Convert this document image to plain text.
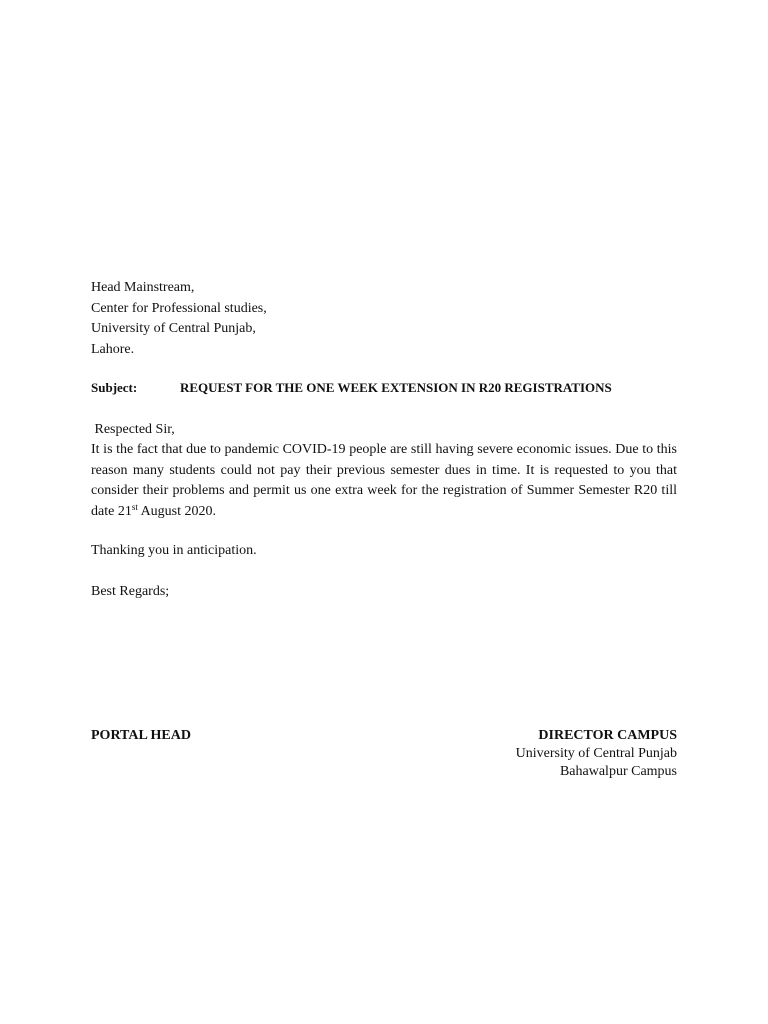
Head Mainstream,
Center for Professional studies,
University of Central Punjab,
Lahore.
Subject:	REQUEST FOR THE ONE WEEK EXTENSION IN R20 REGISTRATIONS
Respected Sir,
It is the fact that due to pandemic COVID-19 people are still having severe economic issues. Due to this reason many students could not pay their previous semester dues in time. It is requested to you that consider their problems and permit us one extra week for the registration of Summer Semester R20 till date 21st August 2020.
Thanking you in anticipation.
Best Regards;
PORTAL HEAD	DIRECTOR CAMPUS
University of Central Punjab
Bahawalpur Campus
